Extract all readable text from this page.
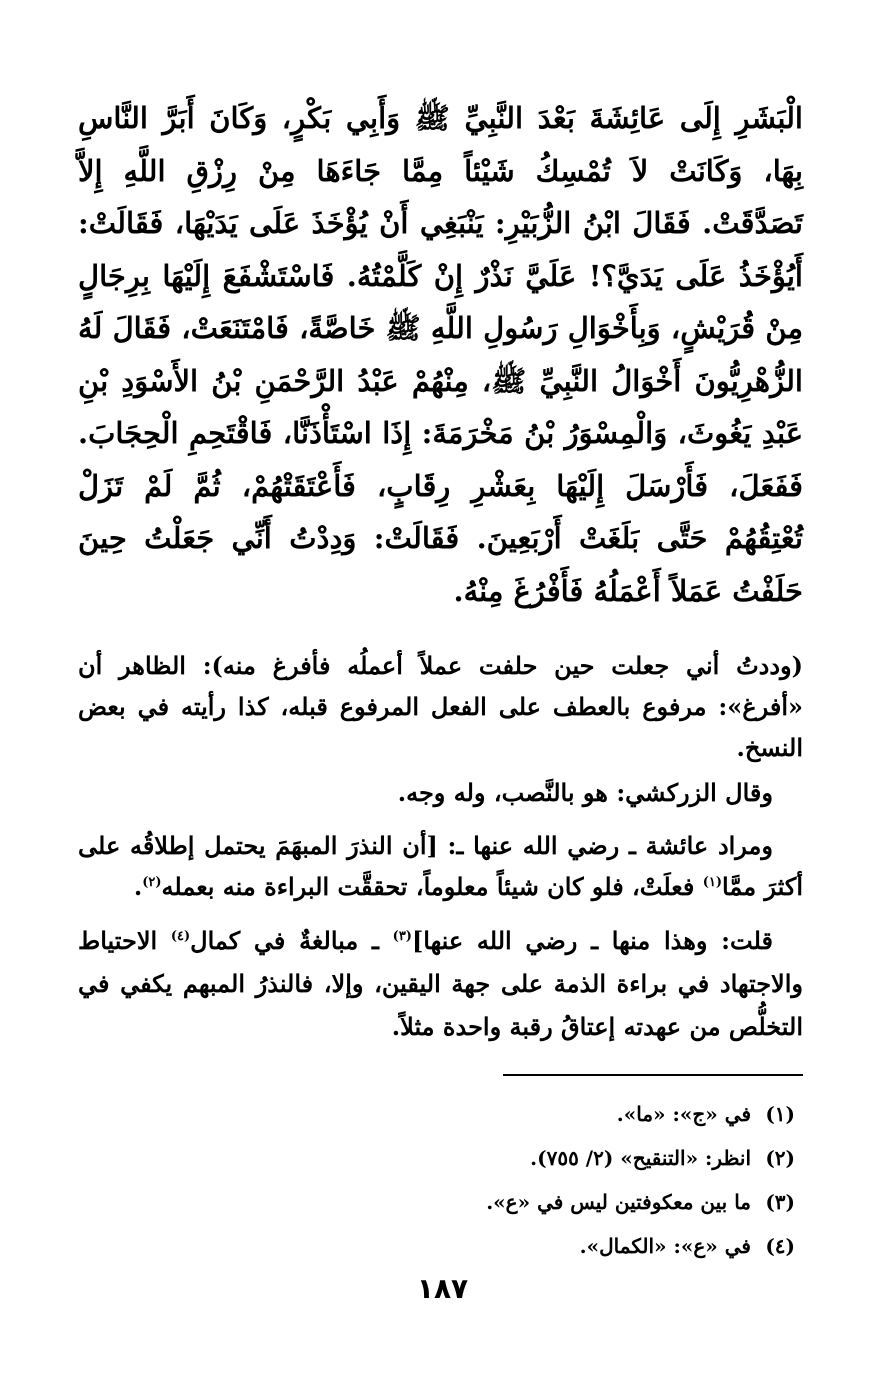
الْبَشَرِ إِلَى عَائِشَةَ بَعْدَ النَّبِيِّ ﷺ وَأَبِي بَكْرٍ، وَكَانَ أَبَرَّ النَّاسِ بِهَا، وَكَانَتْ لاَ تُمْسِكُ شَيْئاً مِمَّا جَاءَهَا مِنْ رِزْقِ اللَّهِ إِلاَّ تَصَدَّقَتْ. فَقَالَ ابْنُ الزُّبَيْرِ: يَنْبَغِي أَنْ يُؤْخَذَ عَلَى يَدَيْهَا، فَقَالَتْ: أَيُؤْخَذُ عَلَى يَدَيَّ؟! عَلَيَّ نَذْرٌ إِنْ كَلَّمْتُهُ. فَاسْتَشْفَعَ إِلَيْهَا بِرِجَالٍ مِنْ قُرَيْشٍ، وَبِأَخْوَالِ رَسُولِ اللَّهِ ﷺ خَاصَّةً، فَامْتَنَعَتْ، فَقَالَ لَهُ الزُّهْرِيُّونَ أَخْوَالُ النَّبِيِّ ﷺ، مِنْهُمْ عَبْدُ الرَّحْمَنِ بْنُ الأَسْوَدِ بْنِ عَبْدِ يَغُوثَ، وَالْمِسْوَرُ بْنُ مَخْرَمَةَ: إِذَا اسْتَأْذَنَّا، فَاقْتَحِمِ الْحِجَابَ. فَفَعَلَ، فَأَرْسَلَ إِلَيْهَا بِعَشْرِ رِقَابٍ، فَأَعْتَقَتْهُمْ، ثُمَّ لَمْ تَزَلْ تُعْتِقُهُمْ حَتَّى بَلَغَتْ أَرْبَعِينَ. فَقَالَتْ: وَدِدْتُ أَنِّي جَعَلْتُ حِينَ حَلَفْتُ عَمَلاً أَعْمَلُهُ فَأَفْرُغَ مِنْهُ.

(وددتُ أني جعلت حين حلفت عملاً أعملُه فأفرغ منه): الظاهر أن «أفرغ»: مرفوع بالعطف على الفعل المرفوع قبله، كذا رأيته في بعض النسخ.

وقال الزركشي: هو بالنَّصب، وله وجه.

ومراد عائشة ـ رضي الله عنها ـ: [أن النذرَ المبهَمَ يحتمل إطلاقُه على أكثرَ ممَّا$^{(١)}$ فعلَتْ، فلو كان شيئاً معلوماً، تحققَّت البراءة منه بعمله$^{(٢)}$.

قلت: وهذا منها ـ رضي الله عنها]$^{(٣)}$ ـ مبالغةٌ في كمال$^{(٤)}$ الاحتياط والاجتهاد في براءة الذمة على جهة اليقين، وإلا، فالنذرُ المبهم يكفي في التخلُّص من عهدته إعتاقُ رقبة واحدة مثلاً.

(١)في «ج»: «ما».
(٢)انظر: «التنقيح» (٢/ ٧٥٥).
(٣)ما بين معكوفتين ليس في «ع».
(٤)في «ع»: «الكمال».
١٨٧
